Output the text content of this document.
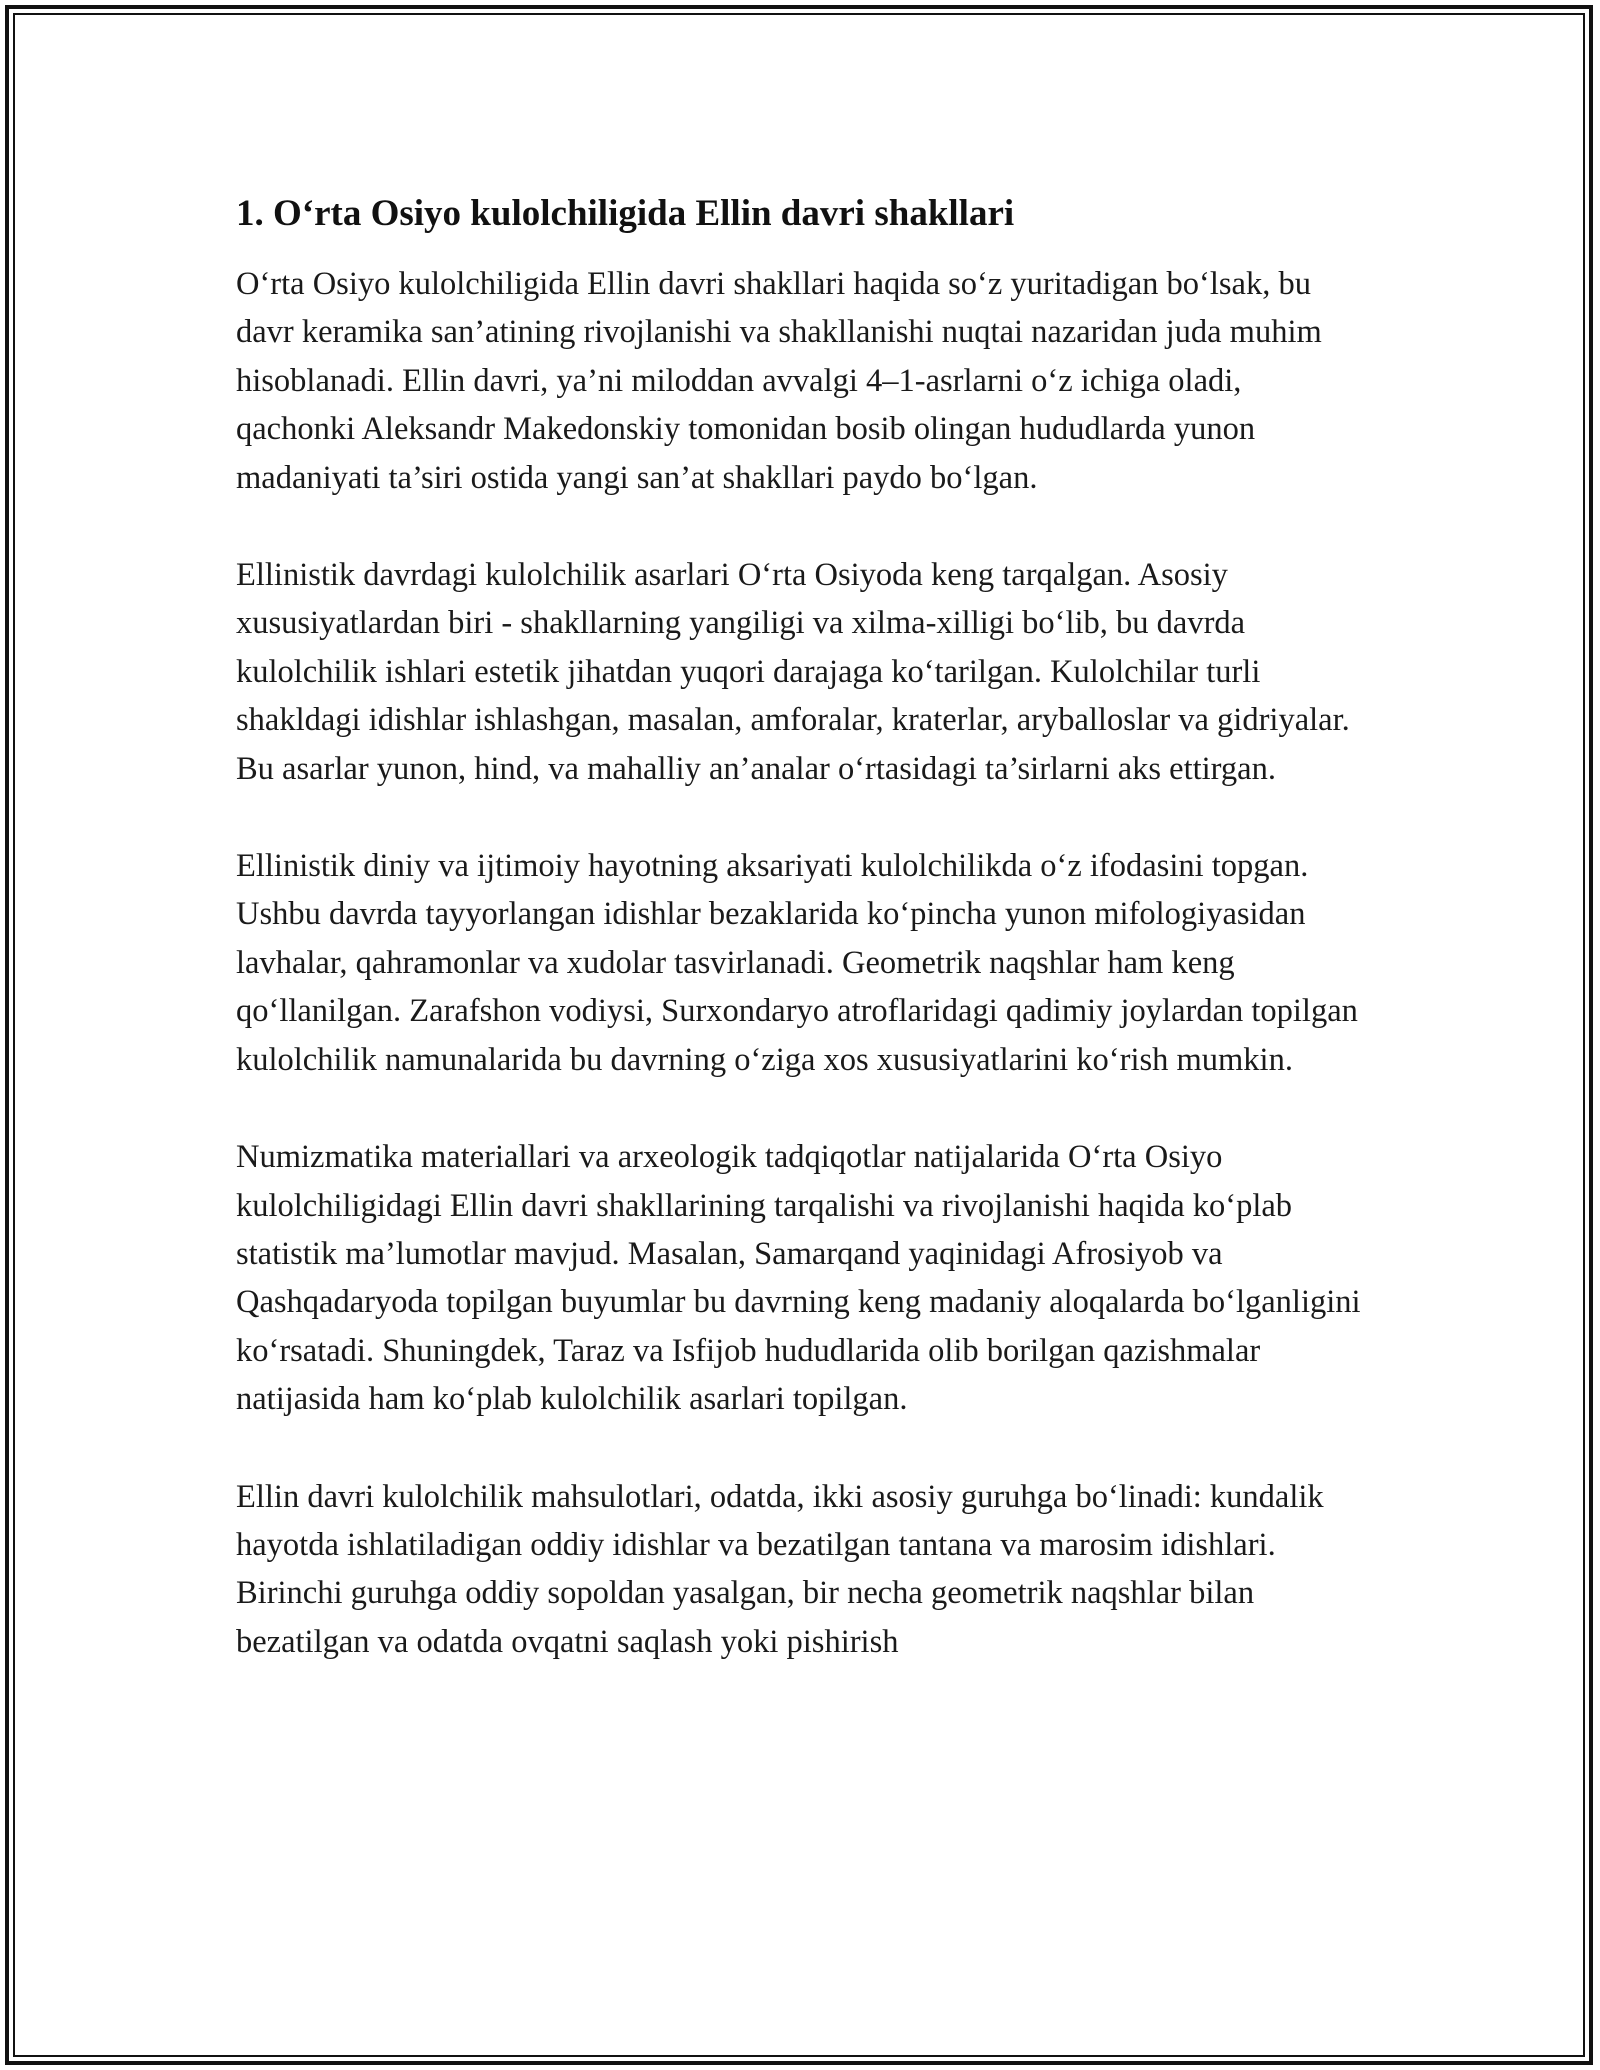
1. O‘rta Osiyo kulolchiligida Ellin davri shakllari

O‘rta Osiyo kulolchiligida Ellin davri shakllari haqida so‘z yuritadigan bo‘lsak, bu davr keramika san’atining rivojlanishi va shakllanishi nuqtai nazaridan juda muhim hisoblanadi. Ellin davri, ya’ni miloddan avvalgi 4–1-asrlarni o‘z ichiga oladi, qachonki Aleksandr Makedonskiy tomonidan bosib olingan hududlarda yunon madaniyati ta’siri ostida yangi san’at shakllari paydo bo‘lgan.

Ellinistik davrdagi kulolchilik asarlari O‘rta Osiyoda keng tarqalgan. Asosiy xususiyatlardan biri - shakllarning yangiligi va xilma-xilligi bo‘lib, bu davrda kulolchilik ishlari estetik jihatdan yuqori darajaga ko‘tarilgan. Kulolchilar turli shakldagi idishlar ishlashgan, masalan, amforalar, kraterlar, aryballoslar va gidriyalar. Bu asarlar yunon, hind, va mahalliy an’analar o‘rtasidagi ta’sirlarni aks ettirgan.

Ellinistik diniy va ijtimoiy hayotning aksariyati kulolchilikda o‘z ifodasini topgan. Ushbu davrda tayyorlangan idishlar bezaklarida ko‘pincha yunon mifologiyasidan lavhalar, qahramonlar va xudolar tasvirlanadi. Geometrik naqshlar ham keng qo‘llanilgan. Zarafshon vodiysi, Surxondaryo atroflaridagi qadimiy joylardan topilgan kulolchilik namunalarida bu davrning o‘ziga xos xususiyatlarini ko‘rish mumkin.

Numizmatika materiallari va arxeologik tadqiqotlar natijalarida O‘rta Osiyo kulolchiligidagi Ellin davri shakllarining tarqalishi va rivojlanishi haqida ko‘plab statistik ma’lumotlar mavjud. Masalan, Samarqand yaqinidagi Afrosiyob va Qashqadaryoda topilgan buyumlar bu davrning keng madaniy aloqalarda bo‘lganligini ko‘rsatadi. Shuningdek, Taraz va Isfijob hududlarida olib borilgan qazishmalar natijasida ham ko‘plab kulolchilik asarlari topilgan.

Ellin davri kulolchilik mahsulotlari, odatda, ikki asosiy guruhga bo‘linadi: kundalik hayotda ishlatiladigan oddiy idishlar va bezatilgan tantana va marosim idishlari. Birinchi guruhga oddiy sopoldan yasalgan, bir necha geometrik naqshlar bilan bezatilgan va odatda ovqatni saqlash yoki pishirish
